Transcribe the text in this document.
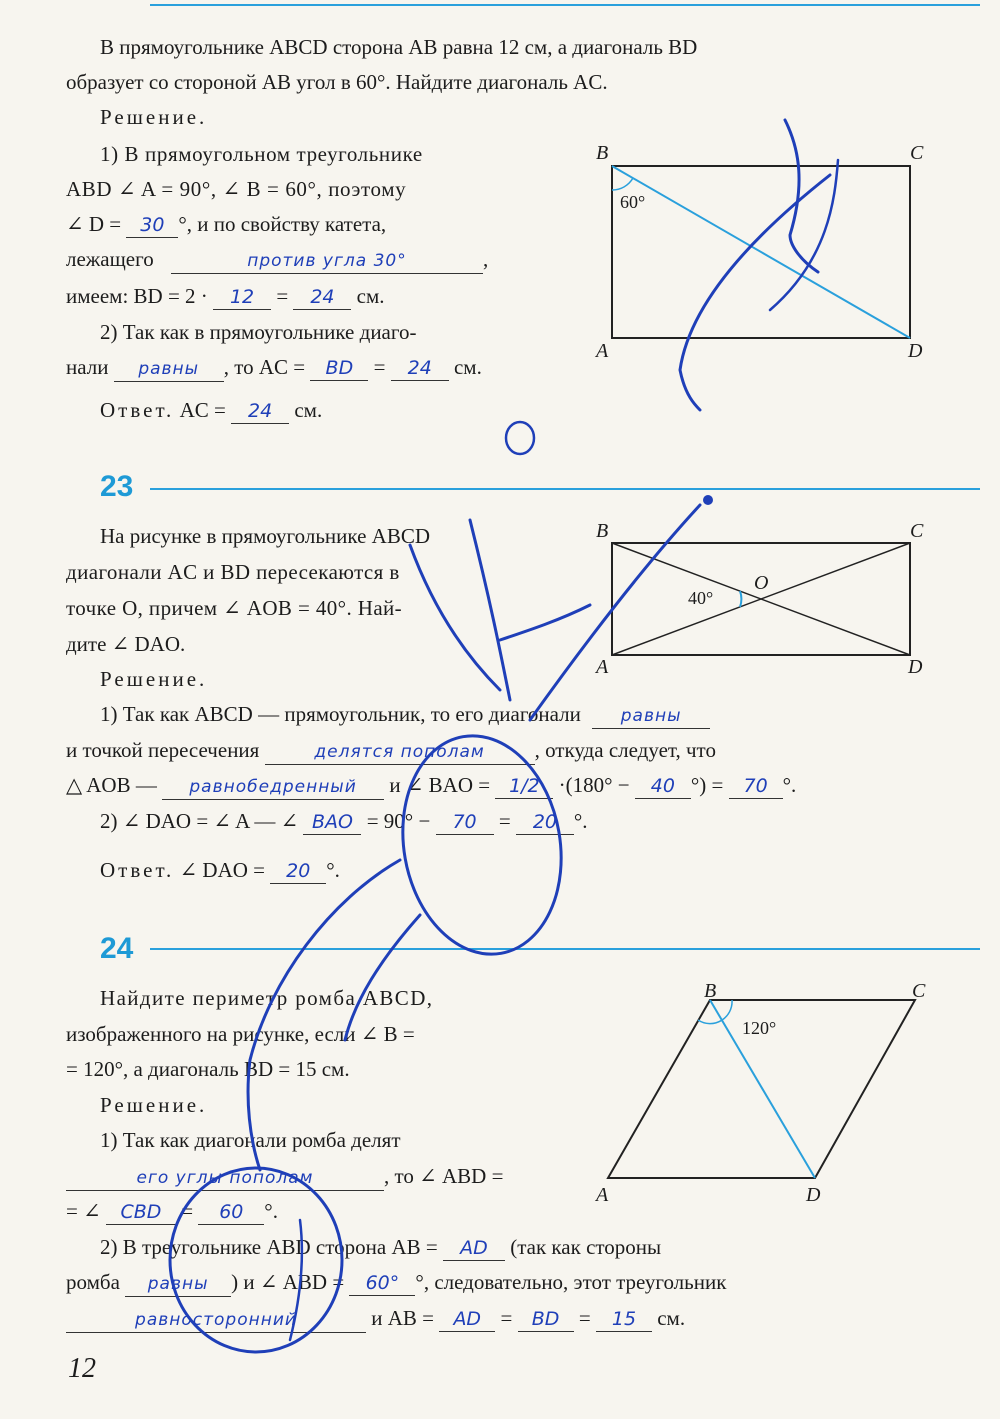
В прямоугольнике ABCD сторона AB равна 12 см, а диагональ BD
образует со стороной AB угол в 60°. Найдите диагональ AC.
Решение.
1) В прямоугольном треугольнике
ABD ∠ A = 90°, ∠ B = 60°, поэтому
∠ D = 30 °, и по свойству катета,
лежащего	против угла 30°	,
имеем: BD = 2 · 12 = 24 см.
2) Так как в прямоугольнике диаго-
нали равны , то AC = BD = 24 см.
Ответ. AC = 24 см.
B	C
A	D
60°
23
На рисунке в прямоугольнике ABCD
диагонали AC и BD пересекаются в
точке O, причем ∠ AOB = 40°. Най-
дите ∠ DAO.
Решение.
1) Так как ABCD — прямоугольник, то его диагонали равны
и точкой пересечения	делятся пополам , откуда следует, что
△ AOB — равнобедренный и ∠ BAO = 1/2 ·(180° − 40 °) = 70 °.
2) ∠ DAO = ∠ A — ∠ BAO = 90° − 70 = 20 °.
Ответ. ∠ DAO = 20 °.
B	C
A	D
O
40°
24
Найдите периметр ромба ABCD,
изображенного на рисунке, если ∠ B =
= 120°, а диагональ BD = 15 см.
Решение.
1) Так как диагонали ромба делят
его углы пополам	, то ∠ ABD =
= ∠ CBD = 60 °.
2) В треугольнике ABD сторона AB = AD (так как стороны
ромба равны ) и ∠ ABD = 60° °, следовательно, этот треугольник
равносторонний	и AB = AD = BD = 15 см.
B	C
A	D
120°
12
